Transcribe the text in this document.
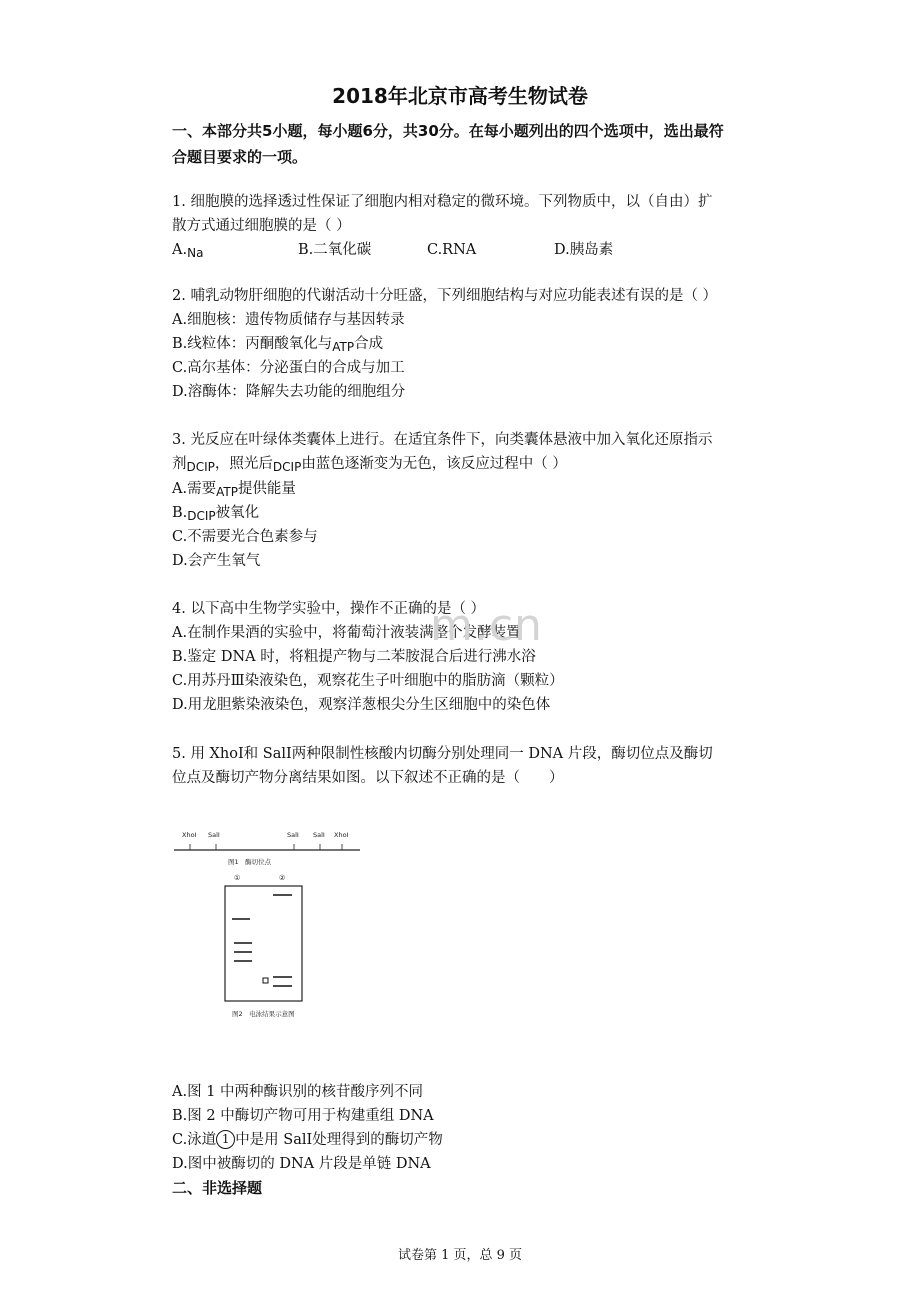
2018年北京市高考生物试卷
一、本部分共5小题，每小题6分，共30分。在每小题列出的四个选项中，选出最符
合题目要求的一项。
1. 细胞膜的选择透过性保证了细胞内相对稳定的微环境。下列物质中，以（自由）扩
散方式通过细胞膜的是（ ）
$A._{Na}$	B.二氧化碳	C.RNA	D.胰岛素
2. 哺乳动物肝细胞的代谢活动十分旺盛，下列细胞结构与对应功能表述有误的是（ ）
A.细胞核：遗传物质储存与基因转录
B.线粒体：丙酮酸氧化与$_{ATP}$合成
C.高尔基体：分泌蛋白的合成与加工
D.溶酶体：降解失去功能的细胞组分
3. 光反应在叶绿体类囊体上进行。在适宜条件下，向类囊体悬液中加入氧化还原指示
剂$_{DCIP}$，照光后$_{DCIP}$由蓝色逐渐变为无色，该反应过程中（ ）
A.需要$_{ATP}$提供能量
$B._{DCIP}$被氧化
C.不需要光合色素参与
D.会产生氧气
4. 以下高中生物学实验中，操作不正确的是（ ）
A.在制作果酒的实验中，将葡萄汁液装满整个发酵装置
B.鉴定 DNA 时，将粗提产物与二苯胺混合后进行沸水浴
C.用苏丹Ⅲ染液染色，观察花生子叶细胞中的脂肪滴（颗粒）
D.用龙胆紫染液染色，观察洋葱根尖分生区细胞中的染色体
m.cn
5. 用 XhoⅠ和 SalⅠ两种限制性核酸内切酶分别处理同一 DNA 片段，酶切位点及酶切
位点及酶切产物分离结果如图。以下叙述不正确的是（　　）
XhoⅠ SalⅠ	SalⅠ SalⅠ XhoⅠ
图1　酶切位点
①	②
图2　电泳结果示意图
A.图 1 中两种酶识别的核苷酸序列不同
B.图 2 中酶切产物可用于构建重组 DNA
C.泳道 1 中是用 SalⅠ处理得到的酶切产物
D.图中被酶切的 DNA 片段是单链 DNA
二、非选择题
试卷第 1 页，总 9 页
